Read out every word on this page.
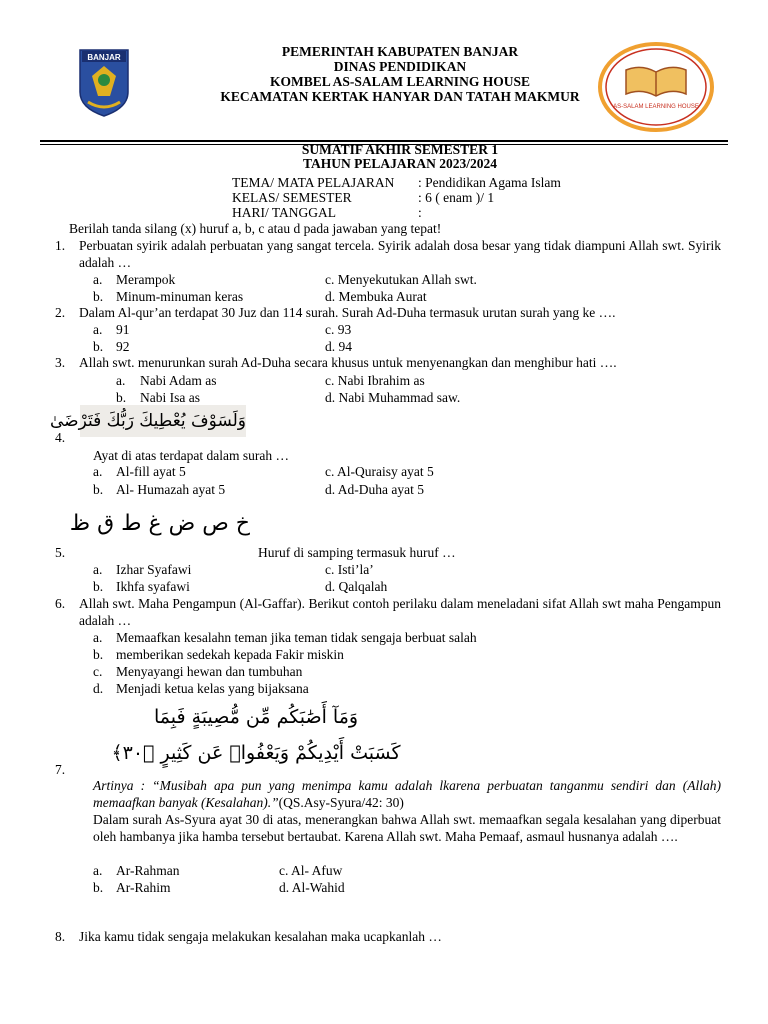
BANJAR	PEMERINTAH KABUPATEN BANJAR
DINAS PENDIDIKAN
KOMBEL AS-SALAM LEARNING HOUSE
KECAMATAN KERTAK HANYAR DAN TATAH MAKMUR
AS-SALAM LEARNING HOUSE
SUMATIF AKHIR SEMESTER 1
TAHUN PELAJARAN 2023/2024
TEMA/ MATA PELAJARAN	: Pendidikan Agama Islam
KELAS/ SEMESTER	: 6 ( enam )/ 1
HARI/ TANGGAL	:
Berilah tanda silang (x) huruf a, b, c atau d pada jawaban yang tepat!
1. Perbuatan syirik adalah perbuatan yang sangat tercela. Syirik adalah dosa besar yang tidak diampuni Allah swt. Syirik adalah …
a. Merampok	c. Menyekutukan Allah swt.
b. Minum-minuman keras	d. Membuka Aurat
2. Dalam Al-qur’an terdapat 30 Juz dan 114 surah. Surah Ad-Duha termasuk urutan surah yang ke ….
a. 91	c. 93
b. 92	d. 94
3. Allah swt. menurunkan surah Ad-Duha secara khusus untuk menyenangkan dan menghibur hati ….
a. Nabi Adam as	c. Nabi Ibrahim as
b. Nabi Isa as	d. Nabi Muhammad saw.
وَلَسَوْفَ يُعْطِيكَ رَبُّكَ فَتَرْضَىٰ
4.
Ayat di atas terdapat dalam surah …
a. Al-fill ayat 5	c. Al-Quraisy ayat 5
b. Al- Humazah ayat 5	d. Ad-Duha ayat 5
خ ص ض غ ط ق ظ
5.	Huruf di samping termasuk huruf …
a. Izhar Syafawi	c. Isti’la’
b. Ikhfa syafawi	d. Qalqalah
6. Allah swt. Maha Pengampun (Al-Gaffar). Berikut contoh perilaku dalam meneladani sifat Allah swt maha Pengampun adalah …
a. Memaafkan kesalahn teman jika teman tidak sengaja berbuat salah
b. memberikan sedekah kepada Fakir miskin
c. Menyayangi hewan dan tumbuhan
d. Menjadi ketua kelas yang bijaksana
وَمَآ أَصَٰبَكُم مِّن مُّصِيبَةٍ فَبِمَا
كَسَبَتْ أَيْدِيكُمْ وَيَعْفُوا۟ عَن كَثِيرٍ ﴿٣٠﴾
7.
Artinya : “Musibah apa pun yang menimpa kamu adalah lkarena perbuatan tanganmu sendiri dan (Allah) memaafkan banyak (Kesalahan).”(QS.Asy-Syura/42: 30)
Dalam surah As-Syura ayat 30 di atas, menerangkan bahwa Allah swt. memaafkan segala kesalahan yang diperbuat oleh hambanya jika hamba tersebut bertaubat. Karena Allah swt. Maha Pemaaf, asmaul husnanya adalah ….
a. Ar-Rahman	c. Al- Afuw
b. Ar-Rahim	d. Al-Wahid
8. Jika kamu tidak sengaja melakukan kesalahan maka ucapkanlah …
